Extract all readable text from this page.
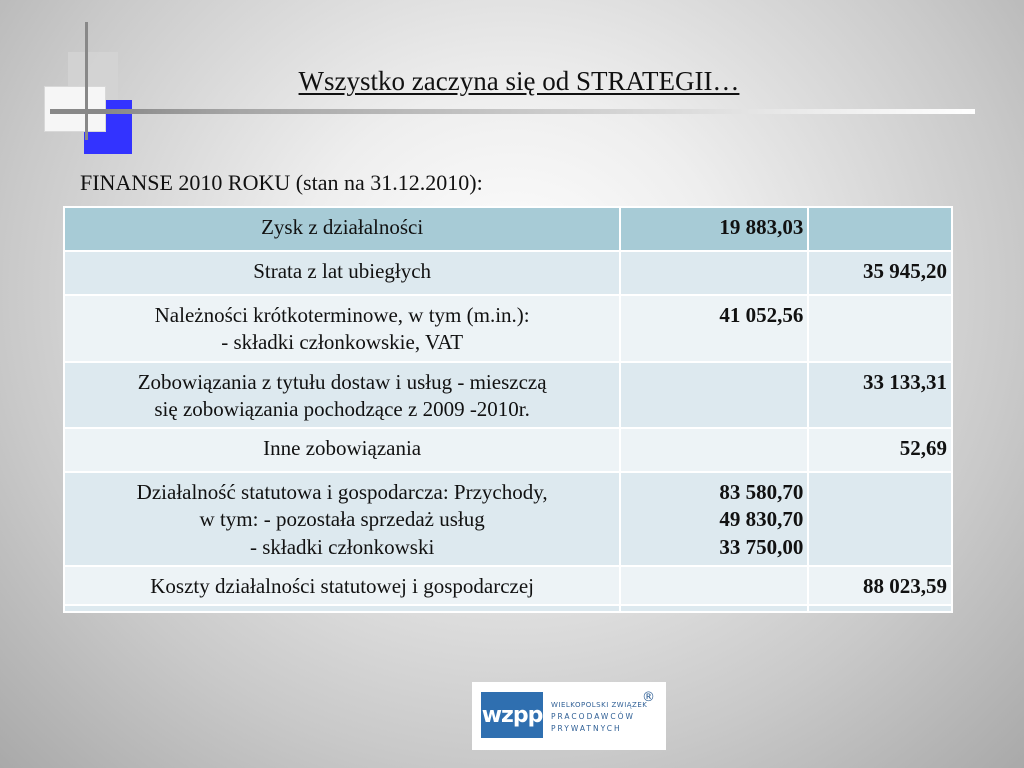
Wszystko zaczyna się od STRATEGII…
FINANSE 2010 ROKU (stan na 31.12.2010):
Zysk z działalności	19 883,03	

Strata z lat ubiegłych		35 945,20

Należności krótkoterminowe, w tym (m.in.):
- składki członkowskie, VAT	41 052,56	

Zobowiązania z tytułu dostaw i usług - mieszczą
się zobowiązania pochodzące z 2009 -2010r.		33 133,31

Inne zobowiązania		52,69

Działalność statutowa i gospodarcza: Przychody,
w tym: - pozostała sprzedaż usług
- składki członkowski	83 580,70
49 830,70
33 750,00	

Koszty działalności statutowej i gospodarczej		88 023,59

wzpp WIELKOPOLSKI ZWIĄZEK
PRACODAWCÓW
PRYWATNYCH
®
